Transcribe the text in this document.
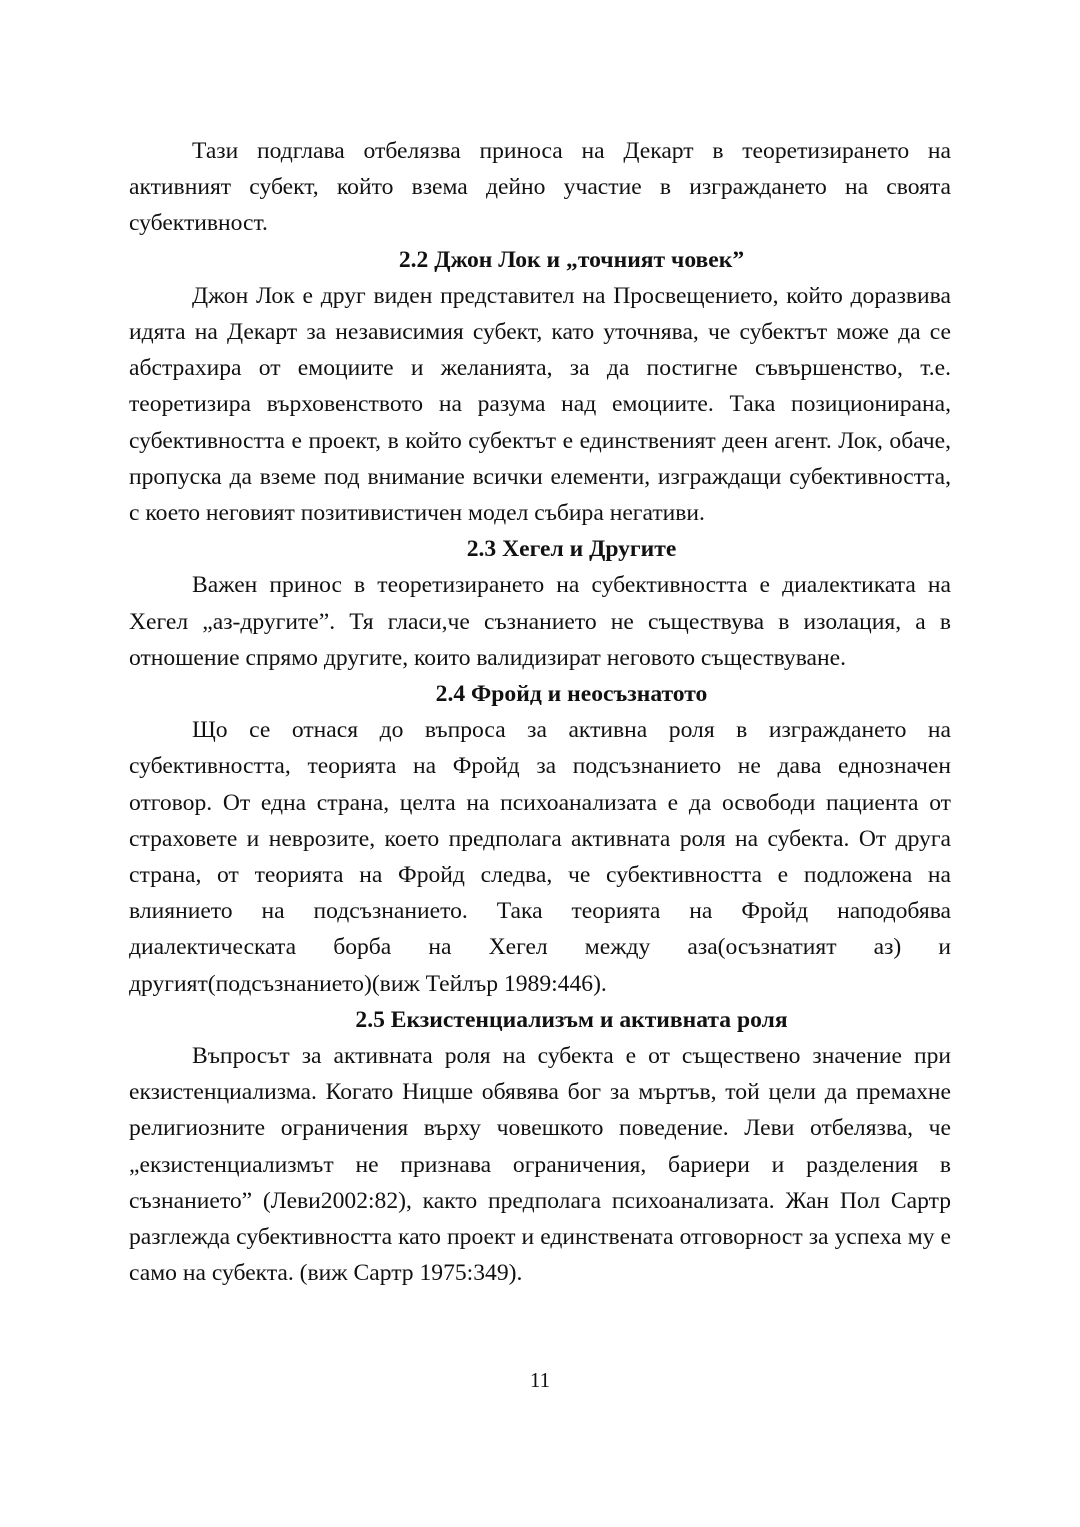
Тази подглава отбелязва приноса на Декарт в теоретизирането на активният субект, който взема дейно участие в изграждането на своята субективност.

2.2 Джон Лок и „точният човек”

Джон Лок е друг виден представител на Просвещението, който доразвива идята на Декарт за независимия субект, като уточнява, че субектът може да се абстрахира от емоциите и желанията, за да постигне съвършенство, т.е. теоретизира върховенството на разума над емоциите. Така позиционирана, субективността е проект, в който субектът е единственият деен агент. Лок, обаче, пропуска да вземе под внимание всички елементи, изграждащи субективността, с което неговият позитивистичен модел събира негативи.

2.3 Хегел и Другите

Важен принос в теоретизирането на субективността е диалектиката на Хегел „аз-другите”. Тя гласи,че съзнанието не съществува в изолация, а в отношение спрямо другите, които валидизират неговото съществуване.

2.4 Фройд и неосъзнатото

Що се отнася до въпроса за активна роля в изграждането на субективността, теорията на Фройд за подсъзнанието не дава еднозначен отговор. От една страна, целта на психоанализата е да освободи пациента от страховете и неврозите, което предполага активната роля на субекта. От друга страна, от теорията на Фройд следва, че субективността е подложена на влиянието на подсъзнанието. Така теорията на Фройд наподобява диалектическата борба на Хегел между аза(осъзнатият аз) и другият(подсъзнанието)(виж Тейлър 1989:446).

2.5 Екзистенциализъм и активната роля

Въпросът за активната роля на субекта е от съществено значение при екзистенциализма. Когато Ницше обявява бог за мъртъв, той цели да премахне религиозните ограничения върху човешкото поведение. Леви отбелязва, че „екзистенциализмът не признава ограничения, бариери и разделения в съзнанието” (Леви2002:82), както предполага психоанализата. Жан Пол Сартр разглежда субективността като проект и единствената отговорност за успеха му е само на субекта. (виж Сартр 1975:349).

11
